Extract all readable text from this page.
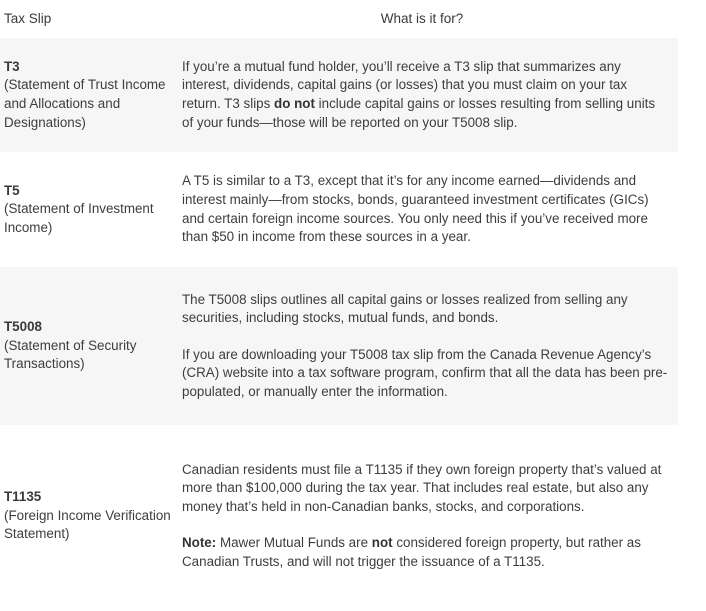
Tax Slip	What is it for?
T3
(Statement of Trust Income and Allocations and Designations)

If you’re a mutual fund holder, you’ll receive a T3 slip that summarizes any interest, dividends, capital gains (or losses) that you must claim on your tax return. T3 slips do not include capital gains or losses resulting from selling units of your funds—those will be reported on your T5008 slip.

T5
(Statement of Investment Income)

A T5 is similar to a T3, except that it’s for any income earned—dividends and interest mainly—from stocks, bonds, guaranteed investment certificates (GICs) and certain foreign income sources. You only need this if you’ve received more than $50 in income from these sources in a year.

T5008
(Statement of Security Transactions)

The T5008 slips outlines all capital gains or losses realized from selling any securities, including stocks, mutual funds, and bonds.

If you are downloading your T5008 tax slip from the Canada Revenue Agency’s (CRA) website into a tax software program, confirm that all the data has been pre-populated, or manually enter the information.

T1135
(Foreign Income Verification Statement)

Canadian residents must file a T1135 if they own foreign property that’s valued at more than $100,000 during the tax year. That includes real estate, but also any money that’s held in non-Canadian banks, stocks, and corporations.

Note: Mawer Mutual Funds are not considered foreign property, but rather as Canadian Trusts, and will not trigger the issuance of a T1135.
